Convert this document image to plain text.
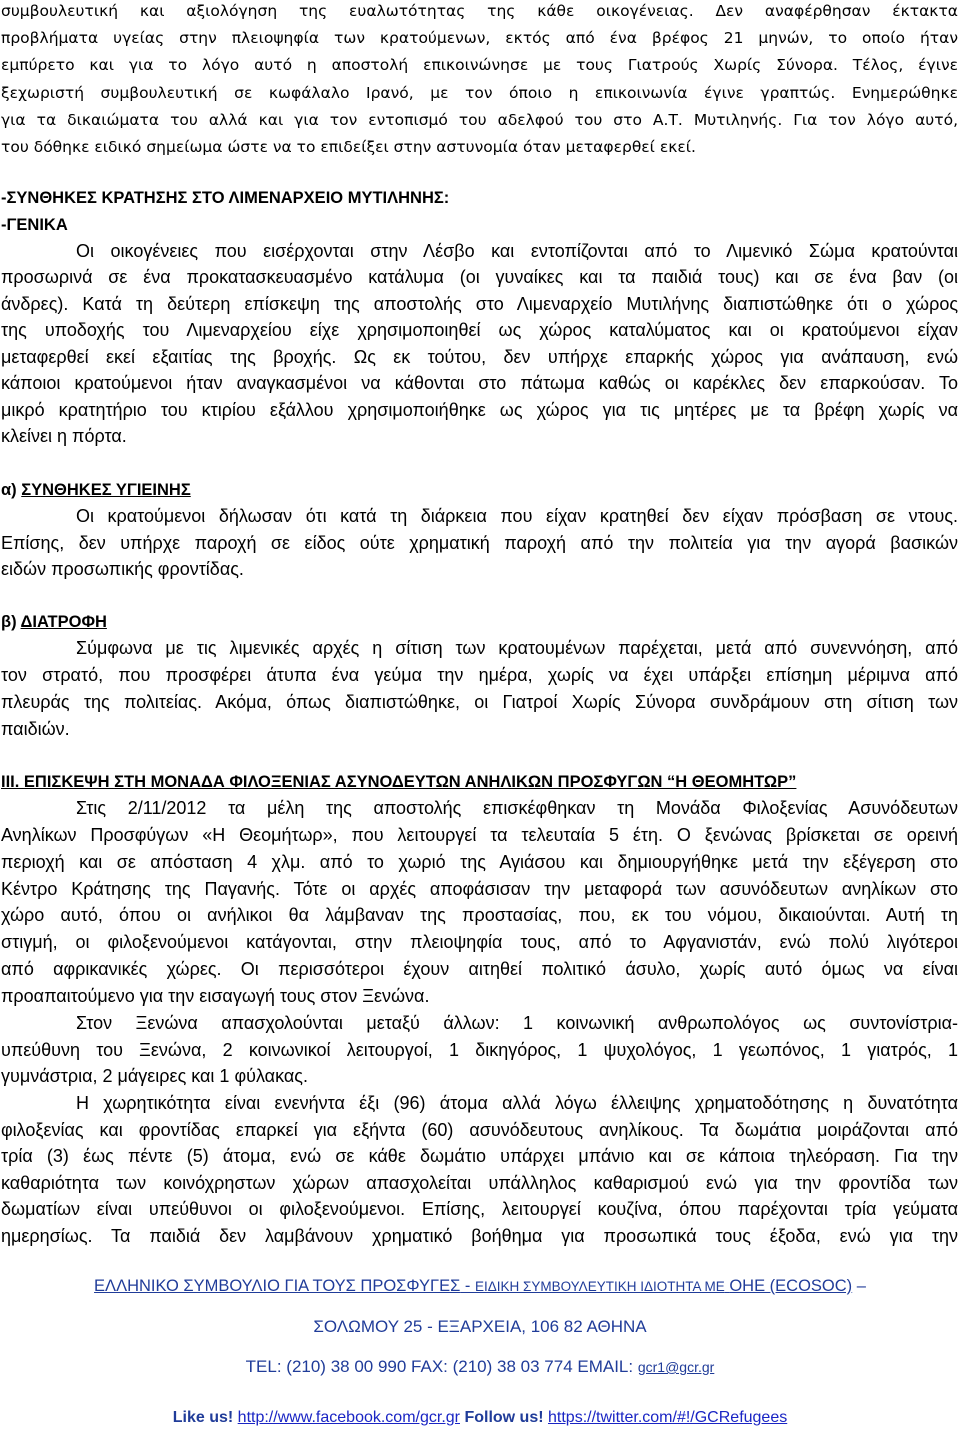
συμβουλευτική και αξιολόγηση της ευαλωτότητας της κάθε οικογένειας. Δεν αναφέρθησαν έκτακτα
προβλήματα υγείας στην πλειοψηφία των κρατούμενων, εκτός από ένα βρέφος 21 μηνών, το οποίο ήταν
εμπύρετο και για το λόγο αυτό η αποστολή επικοινώνησε με τους Γιατρούς Χωρίς Σύνορα. Τέλος, έγινε
ξεχωριστή συμβουλευτική σε κωφάλαλο Ιρανό, με τον όποιο η επικοινωνία έγινε γραπτώς. Ενημερώθηκε
για τα δικαιώματα του αλλά και για τον εντοπισμό του αδελφού του στο Α.Τ. Μυτιληνής. Για τον λόγο αυτό,
του δόθηκε ειδικό σημείωμα ώστε να το επιδείξει στην αστυνομία όταν μεταφερθεί εκεί.
-ΣΥΝΘΗΚΕΣ ΚΡΑΤΗΣΗΣ ΣΤΟ ΛΙΜΕΝΑΡΧΕΙΟ ΜΥΤΙΛΗΝΗΣ:
-ΓΕΝΙΚΑ
Οι οικογένειες που εισέρχονται στην Λέσβο και εντοπίζονται από το Λιμενικό Σώμα κρατούνται
προσωρινά σε ένα προκατασκευασμένο κατάλυμα (οι γυναίκες και τα παιδιά τους) και σε ένα βαν (οι
άνδρες). Κατά τη δεύτερη επίσκεψη της αποστολής στο Λιμεναρχείο Μυτιλήνης διαπιστώθηκε ότι ο χώρος
της υποδοχής του Λιμεναρχείου είχε χρησιμοποιηθεί ως χώρος καταλύματος και οι κρατούμενοι είχαν
μεταφερθεί εκεί εξαιτίας της βροχής. Ως εκ τούτου, δεν υπήρχε επαρκής χώρος για ανάπαυση, ενώ
κάποιοι κρατούμενοι ήταν αναγκασμένοι να κάθονται στο πάτωμα καθώς οι καρέκλες δεν επαρκούσαν. Το
μικρό κρατητήριο του κτιρίου εξάλλου χρησιμοποιήθηκε ως χώρος για τις μητέρες με τα βρέφη χωρίς να
κλείνει η πόρτα.
α) ΣΥΝΘΗΚΕΣ ΥΓΙΕΙΝΗΣ
Οι κρατούμενοι δήλωσαν ότι κατά τη διάρκεια που είχαν κρατηθεί δεν είχαν πρόσβαση σε ντους.
Επίσης, δεν υπήρχε παροχή σε είδος ούτε χρηματική παροχή από την πολιτεία για την αγορά βασικών
ειδών προσωπικής φροντίδας.
β) ΔΙΑΤΡΟΦΗ
Σύμφωνα με τις λιμενικές αρχές η σίτιση των κρατουμένων παρέχεται, μετά από συνεννόηση, από
τον στρατό, που προσφέρει άτυπα ένα γεύμα την ημέρα, χωρίς να έχει υπάρξει επίσημη μέριμνα από
πλευράς της πολιτείας. Ακόμα, όπως διαπιστώθηκε, οι Γιατροί Χωρίς Σύνορα συνδράμουν στη σίτιση των
παιδιών.
ΙΙΙ. ΕΠΙΣΚΕΨΗ ΣΤΗ ΜΟΝΑΔΑ ΦΙΛΟΞΕΝΙΑΣ ΑΣΥΝΟΔΕΥΤΩΝ ΑΝΗΛΙΚΩΝ ΠΡΟΣΦΥΓΩΝ “Η ΘΕΟΜΗΤΩΡ”
Στις 2/11/2012 τα μέλη της αποστολής επισκέφθηκαν τη Μονάδα Φιλοξενίας Ασυνόδευτων
Ανηλίκων Προσφύγων «Η Θεομήτωρ», που λειτουργεί τα τελευταία 5 έτη. Ο ξενώνας βρίσκεται σε ορεινή
περιοχή και σε απόσταση 4 χλμ. από το χωριό της Αγιάσου και δημιουργήθηκε μετά την εξέγερση στο
Κέντρο Κράτησης της Παγανής. Τότε οι αρχές αποφάσισαν την μεταφορά των ασυνόδευτων ανηλίκων στο
χώρο αυτό, όπου οι ανήλικοι θα λάμβαναν της προστασίας, που, εκ του νόμου, δικαιούνται. Αυτή τη
στιγμή, οι φιλοξενούμενοι κατάγονται, στην πλειοψηφία τους, από το Αφγανιστάν, ενώ πολύ λιγότεροι
από αφρικανικές χώρες. Οι περισσότεροι έχουν αιτηθεί πολιτικό άσυλο, χωρίς αυτό όμως να είναι
προαπαιτούμενο για την εισαγωγή τους στον Ξενώνα.
Στον Ξενώνα απασχολούνται μεταξύ άλλων: 1 κοινωνική ανθρωπολόγος ως συντονίστρια-
υπεύθυνη του Ξενώνα, 2 κοινωνικοί λειτουργοί, 1 δικηγόρος, 1 ψυχολόγος, 1 γεωπόνος, 1 γιατρός, 1
γυμνάστρια, 2 μάγειρες και 1 φύλακας.
Η χωρητικότητα είναι ενενήντα έξι (96) άτομα αλλά λόγω έλλειψης χρηματοδότησης η δυνατότητα
φιλοξενίας και φροντίδας επαρκεί για εξήντα (60) ασυνόδευτους ανηλίκους. Τα δωμάτια μοιράζονται από
τρία (3) έως πέντε (5) άτομα, ενώ σε κάθε δωμάτιο υπάρχει μπάνιο και σε κάποια τηλεόραση. Για την
καθαριότητα των κοινόχρηστων χώρων απασχολείται υπάλληλος καθαρισμού ενώ για την φροντίδα των
δωματίων είναι υπεύθυνοι οι φιλοξενούμενοι. Επίσης, λειτουργεί κουζίνα, όπου παρέχονται τρία γεύματα
ημερησίως. Τα παιδιά δεν λαμβάνουν χρηματικό βοήθημα για προσωπικά τους έξοδα, ενώ για την
ΕΛΛΗΝΙΚΟ ΣΥΜΒΟΥΛΙΟ ΓΙΑ ΤΟΥΣ ΠΡΟΣΦΥΓΕΣ - ΕΙΔΙΚΗ ΣΥΜΒΟΥΛΕΥΤΙΚΗ ΙΔΙΟΤΗΤΑ ΜΕ ΟΗΕ (ECOSOC) –
ΣΟΛΩΜΟΥ 25 - ΕΞΑΡΧΕΙΑ, 106 82 ΑΘΗΝΑ
TEL: (210) 38 00 990 FAX: (210) 38 03 774 EMAIL: gcr1@gcr.gr
Like us! http://www.facebook.com/gcr.gr Follow us! https://twitter.com/#!/GCRefugees
